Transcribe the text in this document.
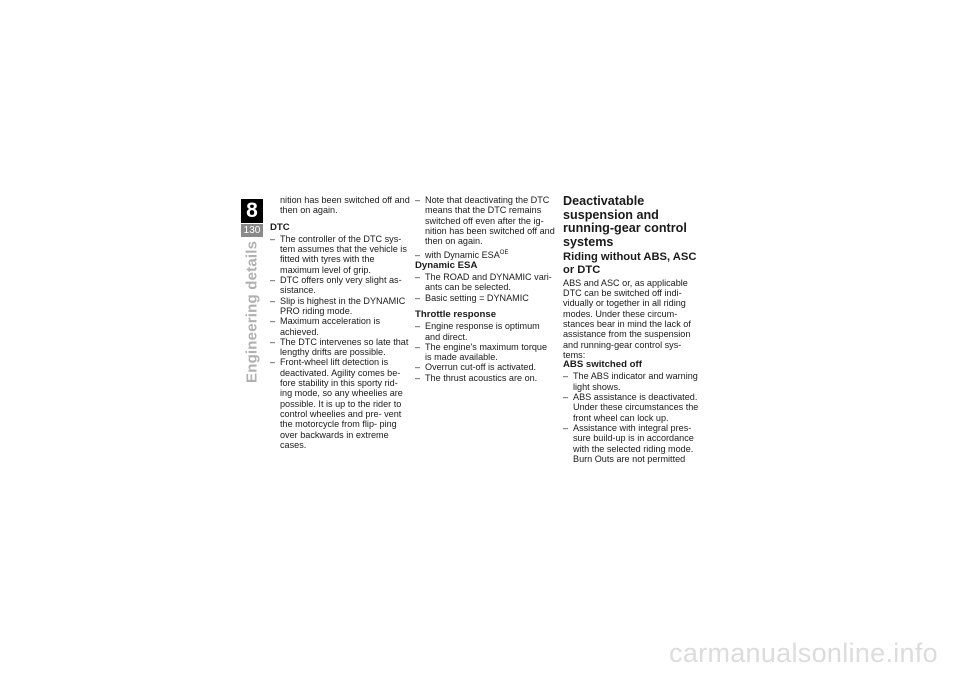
8
130
Engineering details

nition has been switched off and then on again.

DTC

– The controller of the DTC sys- tem assumes that the vehicle is fitted with tyres with the maximum level of grip.
– DTC offers only very slight as- sistance.
– Slip is highest in the DYNAMIC PRO riding mode.
– Maximum acceleration is achieved.
– The DTC intervenes so late that lengthy drifts are possible.
– Front-wheel lift detection is deactivated. Agility comes be- fore stability in this sporty rid- ing mode, so any wheelies are possible. It is up to the rider to control wheelies and pre- vent the motorcycle from flip- ping over backwards in extreme cases.
– Note that deactivating the DTC means that the DTC remains switched off even after the ig- nition has been switched off and then on again.
– with Dynamic $ESA^{OE}$

Dynamic ESA

– The ROAD and DYNAMIC vari- ants can be selected.
– Basic setting = DYNAMIC

Throttle response

– Engine response is optimum and direct.
– The engine's maximum torque is made available.
– Overrun cut-off is activated.
– The thrust acoustics are on.
Deactivatable suspension and running-gear control systems
Riding without ABS, ASC or DTC

ABS and ASC or, as applicable DTC can be switched off indi- vidually or together in all riding modes. Under these circum- stances bear in mind the lack of assistance from the suspension and running-gear control sys- tems:

ABS switched off

– The ABS indicator and warning light shows.
– ABS assistance is deactivated. Under these circumstances the front wheel can lock up.
– Assistance with integral pres- sure build-up is in accordance with the selected riding mode. Burn Outs are not permitted
carmanualsonline.info
